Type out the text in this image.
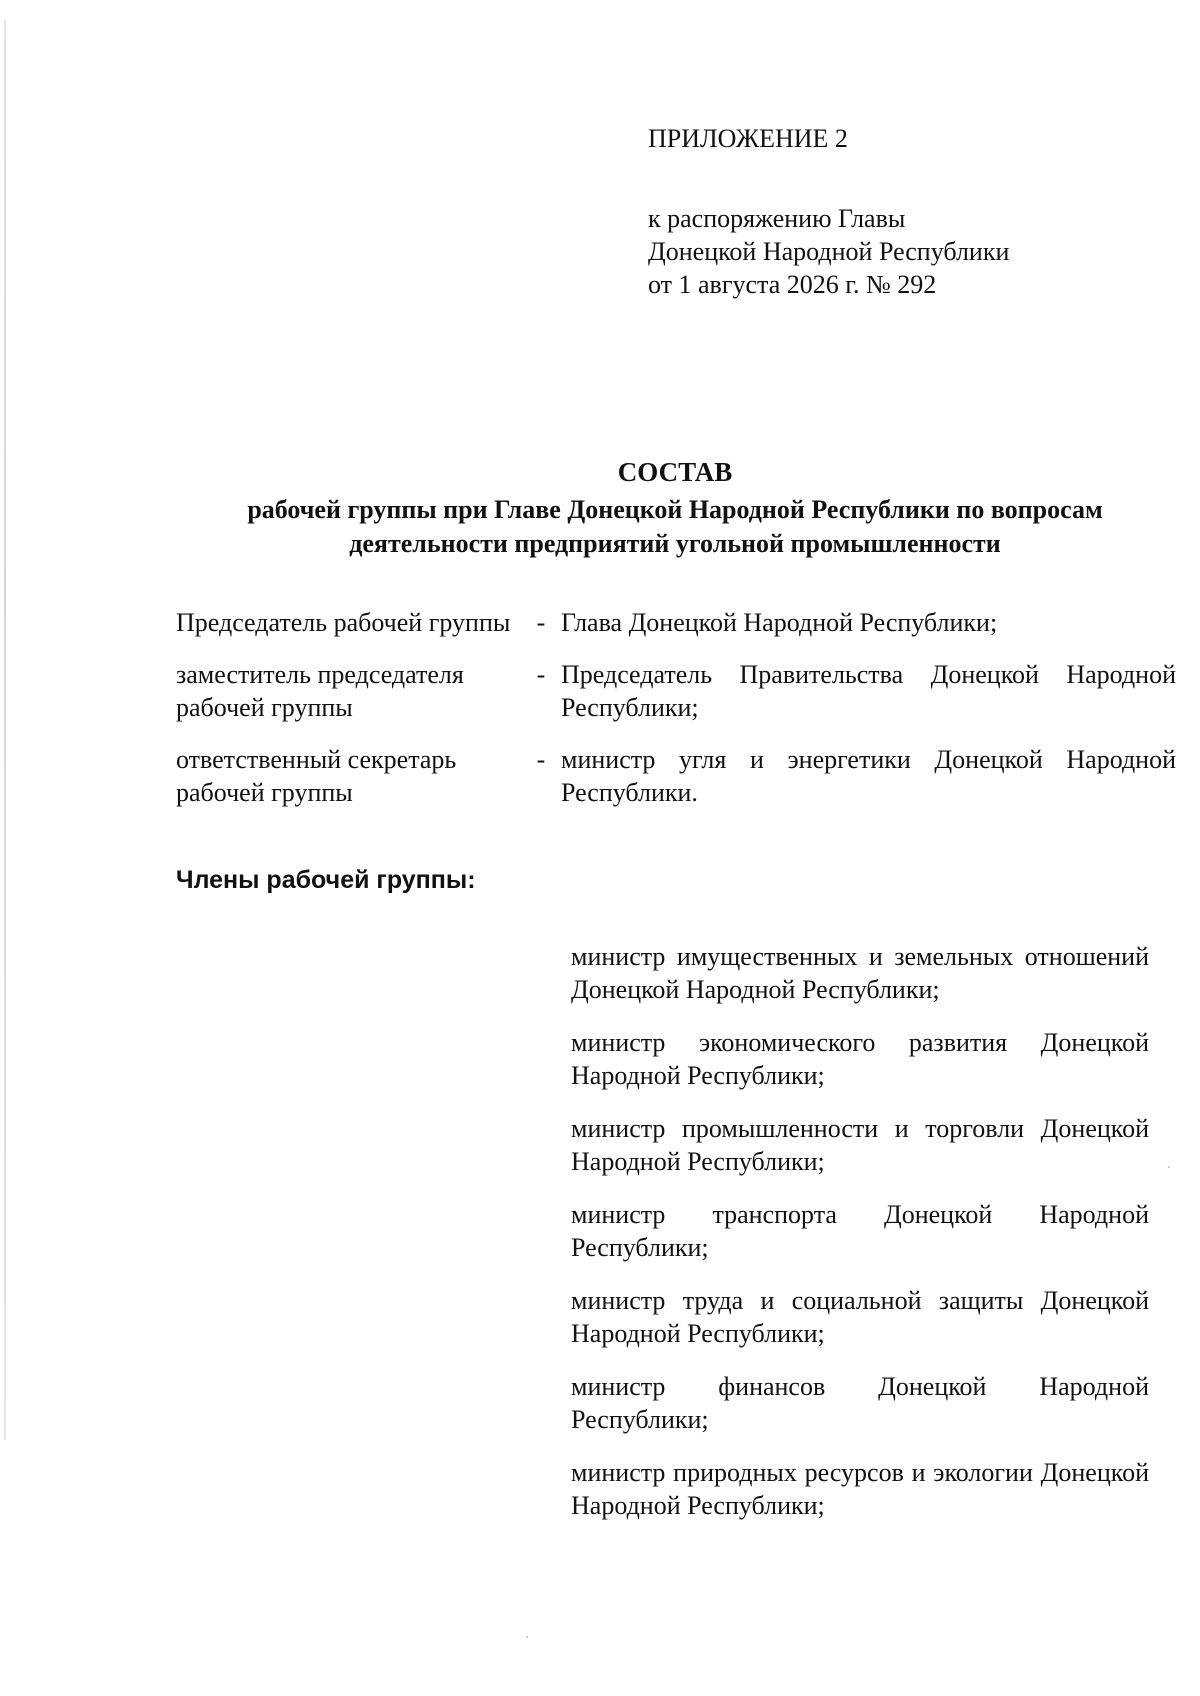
ПРИЛОЖЕНИЕ 2
к распоряжению Главы
Донецкой Народной Республики
от 1 августа 2026 г. № 292
СОСТАВ
рабочей группы при Главе Донецкой Народной Республики по вопросам
деятельности предприятий угольной промышленности
Председатель рабочей группы	- Глава Донецкой Народной Республики;
заместитель председателя рабочей группы
- Председатель Правительства Донецкой Народной Республики;
ответственный секретарь рабочей группы
- министр угля и энергетики Донецкой Народной Республики.
Члены рабочей группы:
министр имущественных и земельных отношений Донецкой Народной Республики;
министр экономического развития Донецкой Народной Республики;
министр промышленности и торговли Донецкой Народной Республики;
министр транспорта Донецкой Народной Республики;
министр труда и социальной защиты Донецкой Народной Республики;
министр финансов Донецкой Народной Республики;
министр природных ресурсов и экологии Донецкой Народной Республики;
